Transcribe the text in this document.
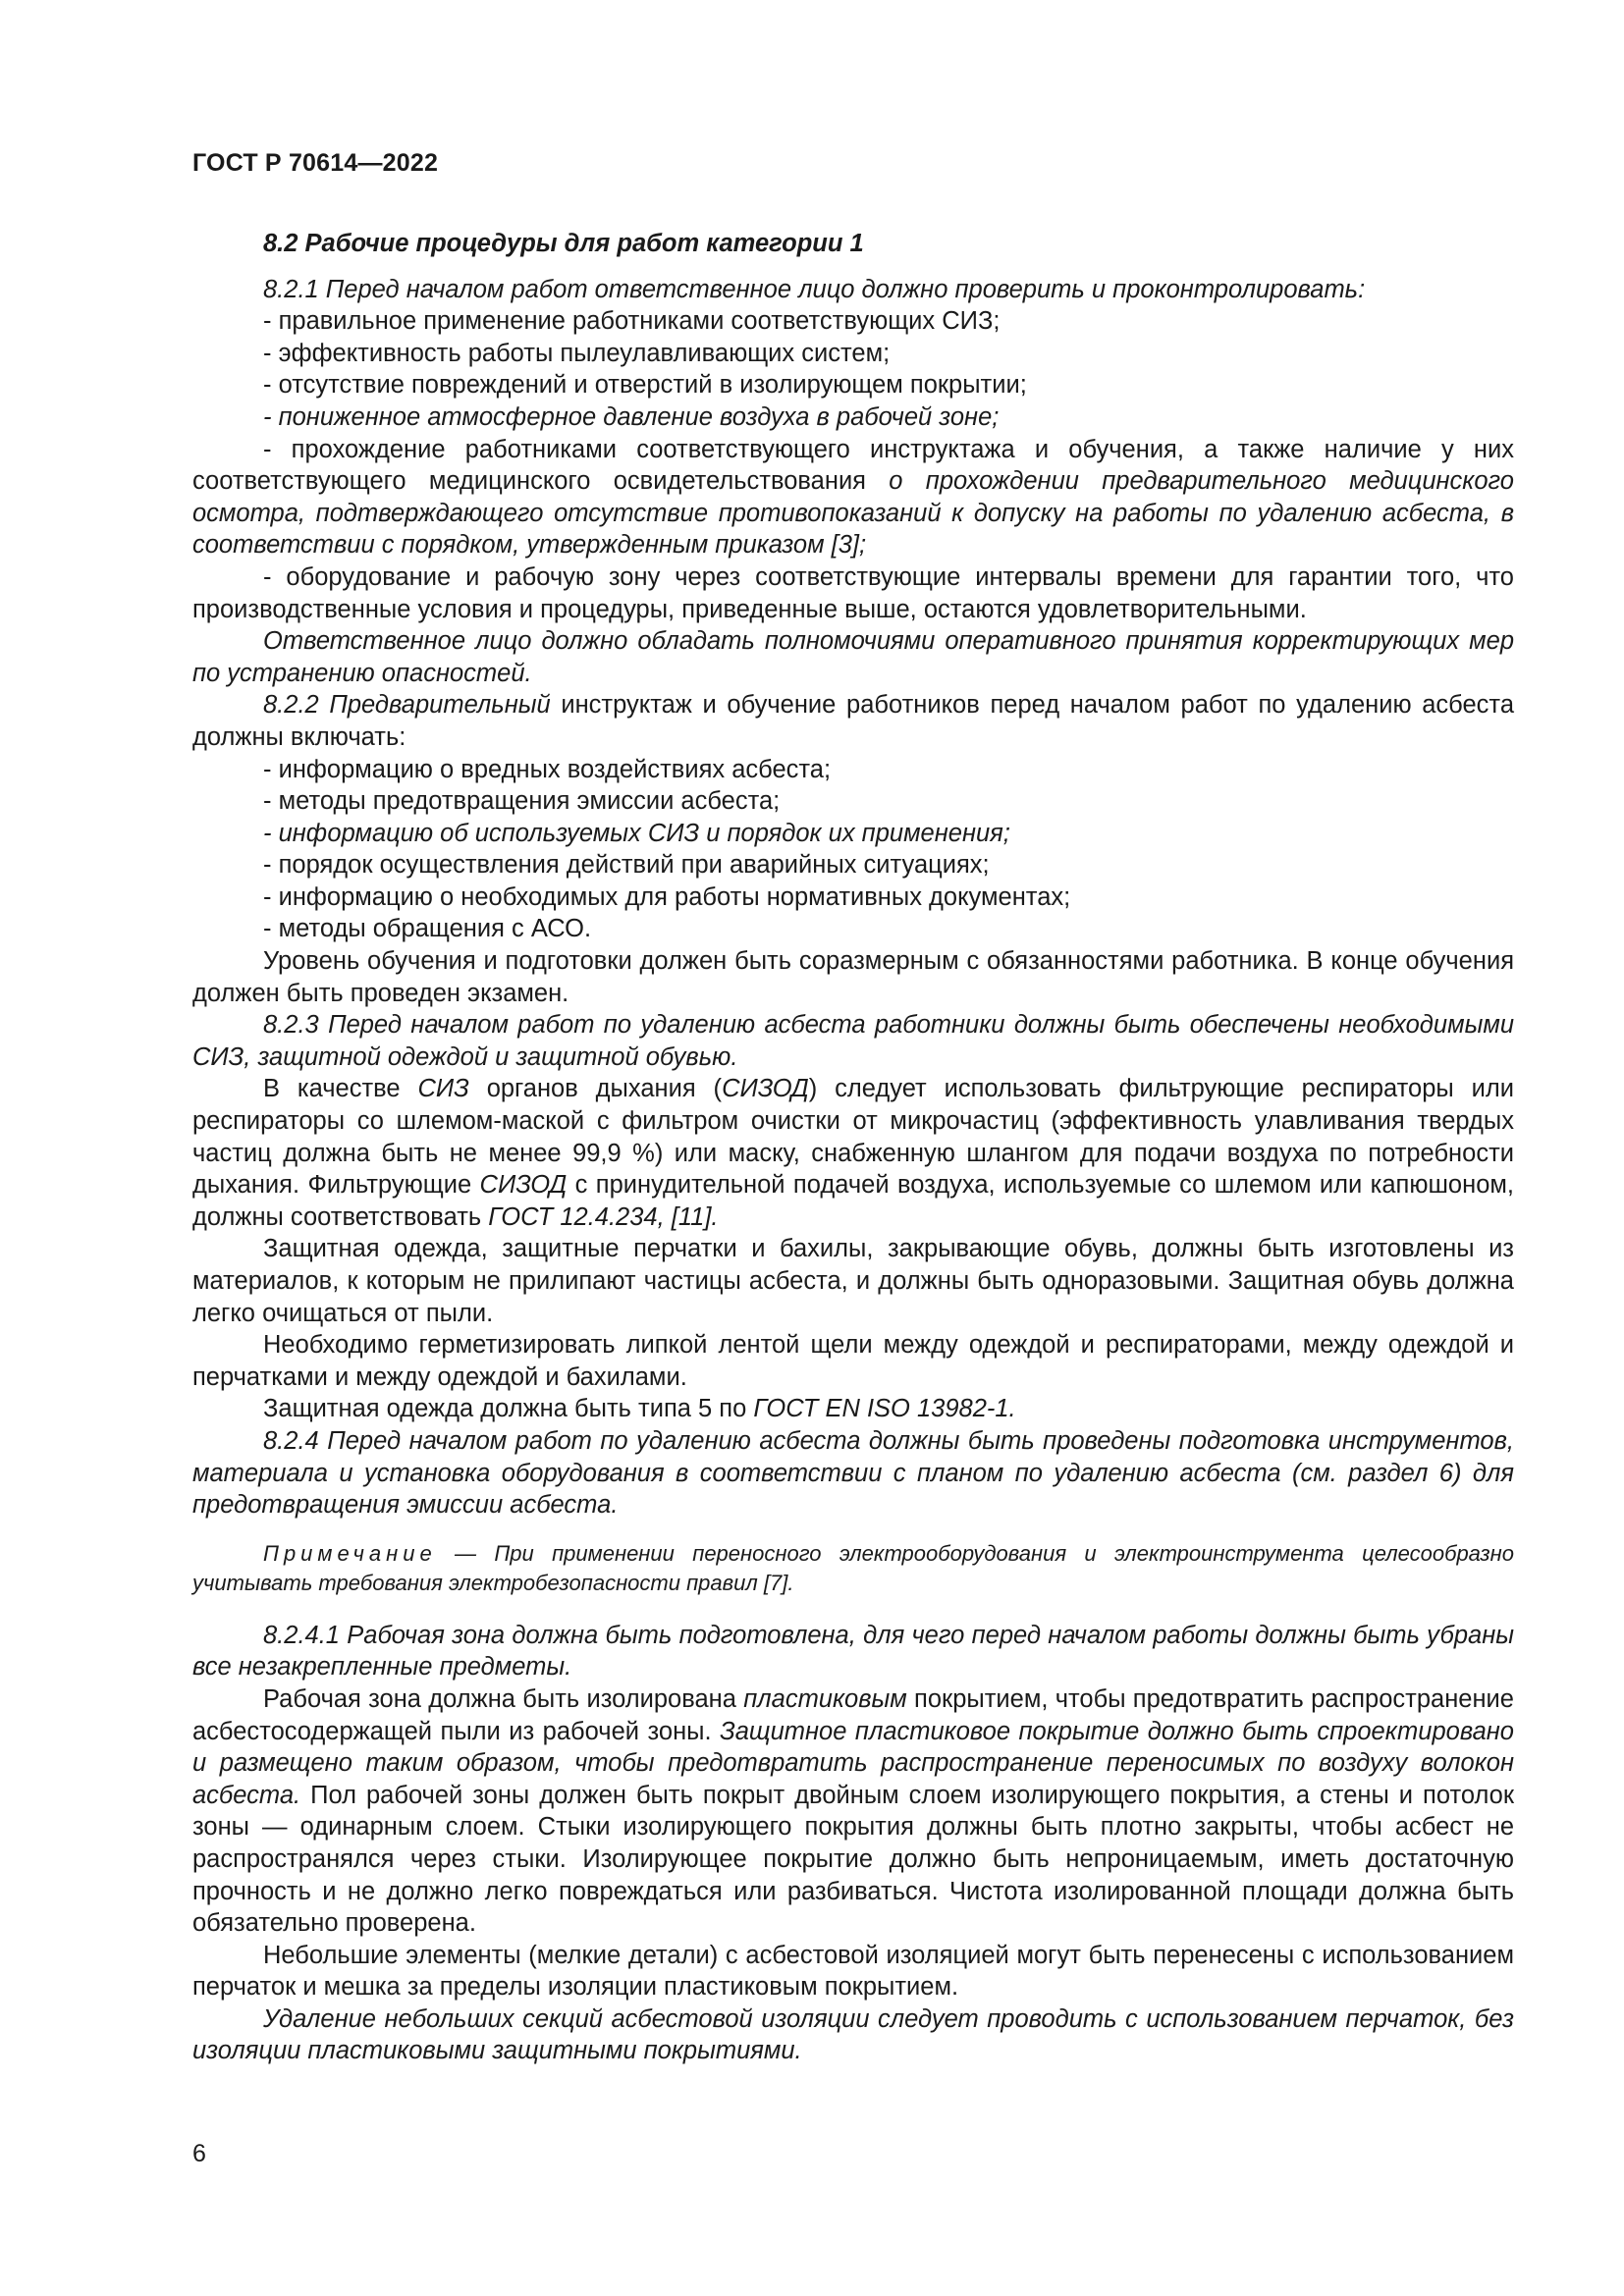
ГОСТ Р 70614—2022

8.2 Рабочие процедуры для работ категории 1

8.2.1 Перед началом работ ответственное лицо должно проверить и проконтролировать:

- правильное применение работниками соответствующих СИЗ;

- эффективность работы пылеулавливающих систем;

- отсутствие повреждений и отверстий в изолирующем покрытии;

- пониженное атмосферное давление воздуха в рабочей зоне;

- прохождение работниками соответствующего инструктажа и обучения, а также наличие у них соответствующего медицинского освидетельствования о прохождении предварительного медицинского осмотра, подтверждающего отсутствие противопоказаний к допуску на работы по удалению асбеста, в соответствии с порядком, утвержденным приказом [3];

- оборудование и рабочую зону через соответствующие интервалы времени для гарантии того, что производственные условия и процедуры, приведенные выше, остаются удовлетворительными.

Ответственное лицо должно обладать полномочиями оперативного принятия корректирующих мер по устранению опасностей.

8.2.2 Предварительный инструктаж и обучение работников перед началом работ по удалению асбеста должны включать:

- информацию о вредных воздействиях асбеста;

- методы предотвращения эмиссии асбеста;

- информацию об используемых СИЗ и порядок их применения;

- порядок осуществления действий при аварийных ситуациях;

- информацию о необходимых для работы нормативных документах;

- методы обращения с АСО.

Уровень обучения и подготовки должен быть соразмерным с обязанностями работника. В конце обучения должен быть проведен экзамен.

8.2.3 Перед началом работ по удалению асбеста работники должны быть обеспечены необходимыми СИЗ, защитной одеждой и защитной обувью.

В качестве СИЗ органов дыхания (СИЗОД) следует использовать фильтрующие респираторы или респираторы со шлемом-маской с фильтром очистки от микрочастиц (эффективность улавливания твердых частиц должна быть не менее 99,9 %) или маску, снабженную шлангом для подачи воздуха по потребности дыхания. Фильтрующие СИЗОД с принудительной подачей воздуха, используемые со шлемом или капюшоном, должны соответствовать ГОСТ 12.4.234, [11].

Защитная одежда, защитные перчатки и бахилы, закрывающие обувь, должны быть изготовлены из материалов, к которым не прилипают частицы асбеста, и должны быть одноразовыми. Защитная обувь должна легко очищаться от пыли.

Необходимо герметизировать липкой лентой щели между одеждой и респираторами, между одеждой и перчатками и между одеждой и бахилами.

Защитная одежда должна быть типа 5 по ГОСТ EN ISO 13982-1.

8.2.4 Перед началом работ по удалению асбеста должны быть проведены подготовка инструментов, материала и установка оборудования в соответствии с планом по удалению асбеста (см. раздел 6) для предотвращения эмиссии асбеста.

Примечание — При применении переносного электрооборудования и электроинструмента целесообразно учитывать требования электробезопасности правил [7].

8.2.4.1 Рабочая зона должна быть подготовлена, для чего перед началом работы должны быть убраны все незакрепленные предметы.

Рабочая зона должна быть изолирована пластиковым покрытием, чтобы предотвратить распространение асбестосодержащей пыли из рабочей зоны. Защитное пластиковое покрытие должно быть спроектировано и размещено таким образом, чтобы предотвратить распространение переносимых по воздуху волокон асбеста. Пол рабочей зоны должен быть покрыт двойным слоем изолирующего покрытия, а стены и потолок зоны — одинарным слоем. Стыки изолирующего покрытия должны быть плотно закрыты, чтобы асбест не распространялся через стыки. Изолирующее покрытие должно быть непроницаемым, иметь достаточную прочность и не должно легко повреждаться или разбиваться. Чистота изолированной площади должна быть обязательно проверена.

Небольшие элементы (мелкие детали) с асбестовой изоляцией могут быть перенесены с использованием перчаток и мешка за пределы изоляции пластиковым покрытием.

Удаление небольших секций асбестовой изоляции следует проводить с использованием перчаток, без изоляции пластиковыми защитными покрытиями.

6
